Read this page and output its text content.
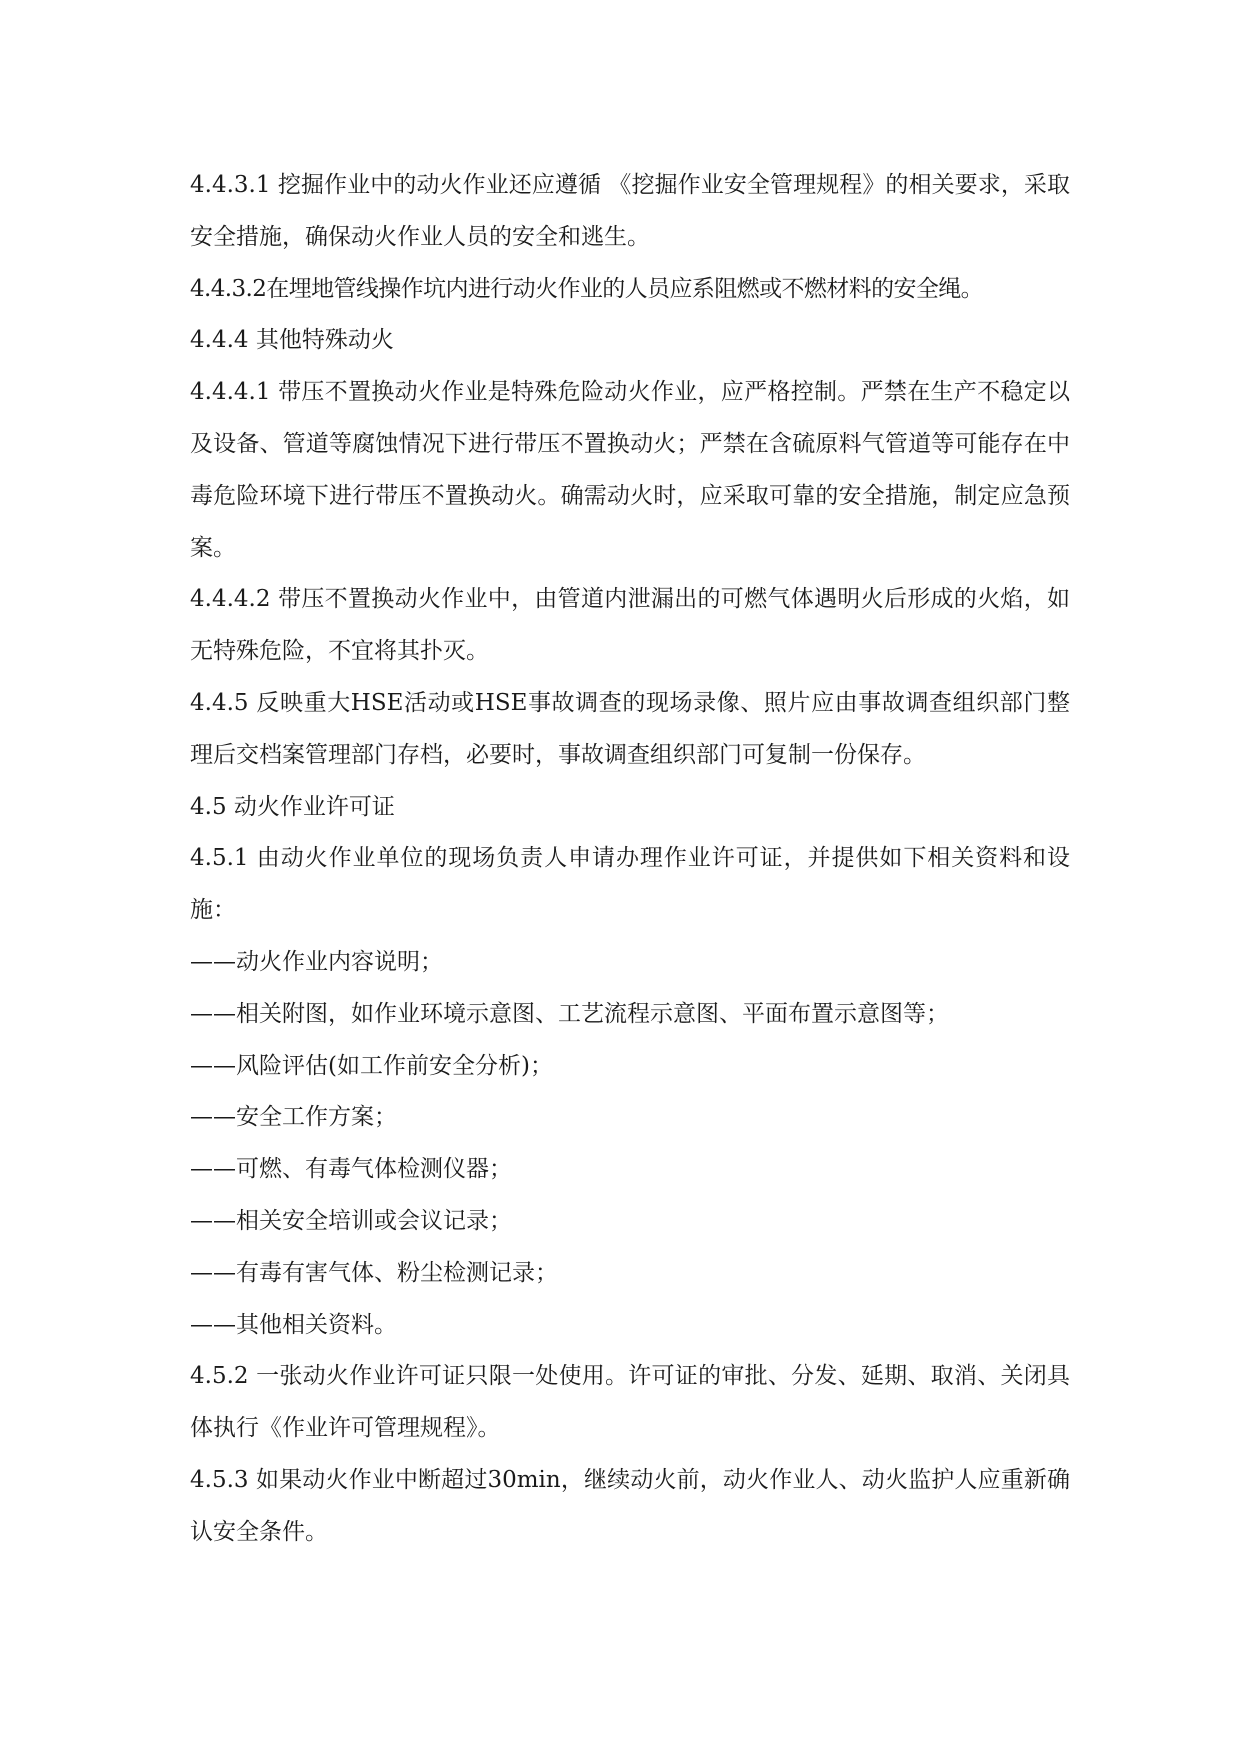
4.4.3.1 挖掘作业中的动火作业还应遵循 《挖掘作业安全管理规程》的相关要求，采取安全措施，确保动火作业人员的安全和逃生。

4.4.3.2在埋地管线操作坑内进行动火作业的人员应系阻燃或不燃材料的安全绳。

4.4.4 其他特殊动火

4.4.4.1 带压不置换动火作业是特殊危险动火作业，应严格控制。严禁在生产不稳定以及设备、管道等腐蚀情况下进行带压不置换动火；严禁在含硫原料气管道等可能存在中毒危险环境下进行带压不置换动火。确需动火时，应采取可靠的安全措施，制定应急预案。

4.4.4.2 带压不置换动火作业中，由管道内泄漏出的可燃气体遇明火后形成的火焰，如无特殊危险，不宜将其扑灭。

4.4.5 反映重大HSE活动或HSE事故调查的现场录像、照片应由事故调查组织部门整理后交档案管理部门存档，必要时，事故调查组织部门可复制一份保存。

4.5 动火作业许可证

4.5.1 由动火作业单位的现场负责人申请办理作业许可证，并提供如下相关资料和设施：

——动火作业内容说明；

——相关附图，如作业环境示意图、工艺流程示意图、平面布置示意图等；

——风险评估(如工作前安全分析)；

——安全工作方案；

——可燃、有毒气体检测仪器；

——相关安全培训或会议记录；

——有毒有害气体、粉尘检测记录；

——其他相关资料。

4.5.2 一张动火作业许可证只限一处使用。许可证的审批、分发、延期、取消、关闭具体执行《作业许可管理规程》。

4.5.3 如果动火作业中断超过30min，继续动火前，动火作业人、动火监护人应重新确认安全条件。
